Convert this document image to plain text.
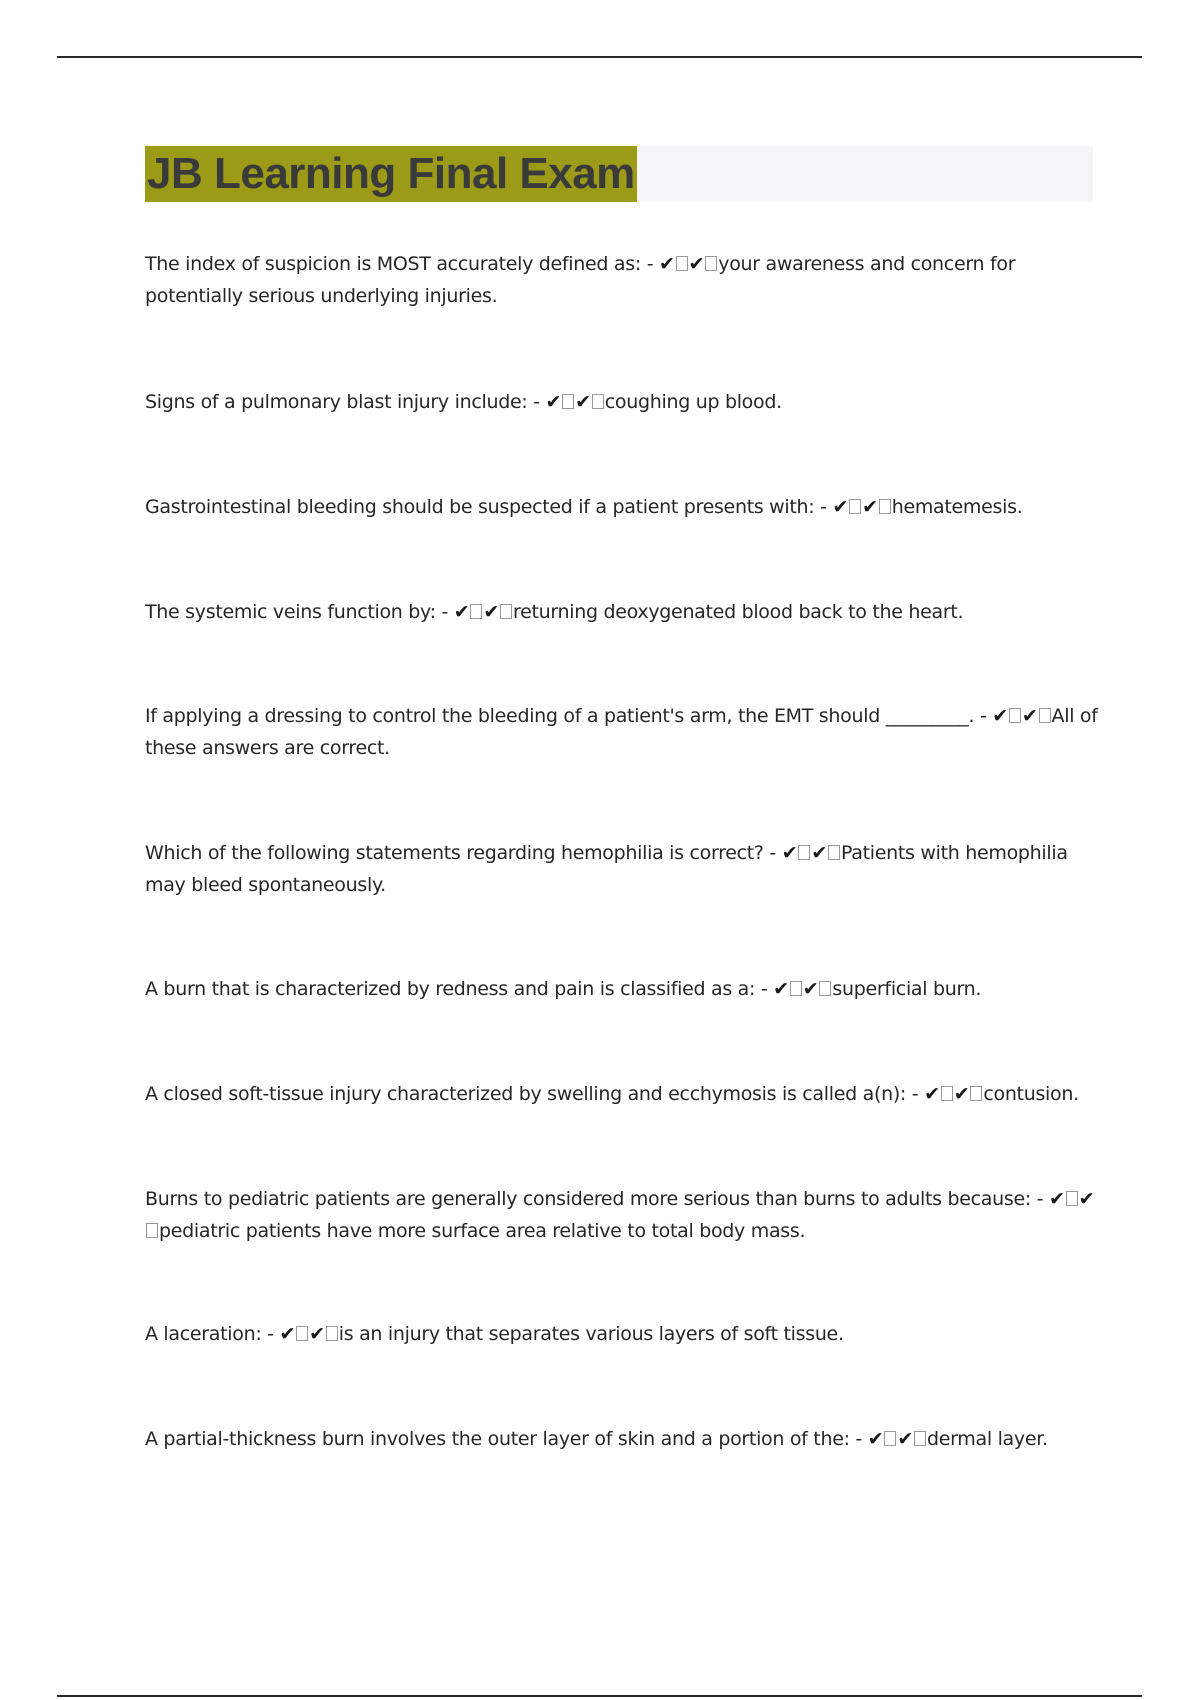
JB Learning Final Exam

The index of suspicion is MOST accurately defined as: - ✔ ✔ your awareness and concern for potentially serious underlying injuries.

Signs of a pulmonary blast injury include: - ✔ ✔ coughing up blood.

Gastrointestinal bleeding should be suspected if a patient presents with: - ✔ ✔ hematemesis.

The systemic veins function by: - ✔ ✔ returning deoxygenated blood back to the heart.

If applying a dressing to control the bleeding of a patient's arm, the EMT should _________. - ✔ ✔ All of these answers are correct.

Which of the following statements regarding hemophilia is correct? - ✔ ✔ Patients with hemophilia may bleed spontaneously.

A burn that is characterized by redness and pain is classified as a: - ✔ ✔ superficial burn.

A closed soft-tissue injury characterized by swelling and ecchymosis is called a(n): - ✔ ✔ contusion.

Burns to pediatric patients are generally considered more serious than burns to adults because: - ✔ ✔pediatric patients have more surface area relative to total body mass.

A laceration: - ✔ ✔ is an injury that separates various layers of soft tissue.

A partial-thickness burn involves the outer layer of skin and a portion of the: - ✔ ✔ dermal layer.
